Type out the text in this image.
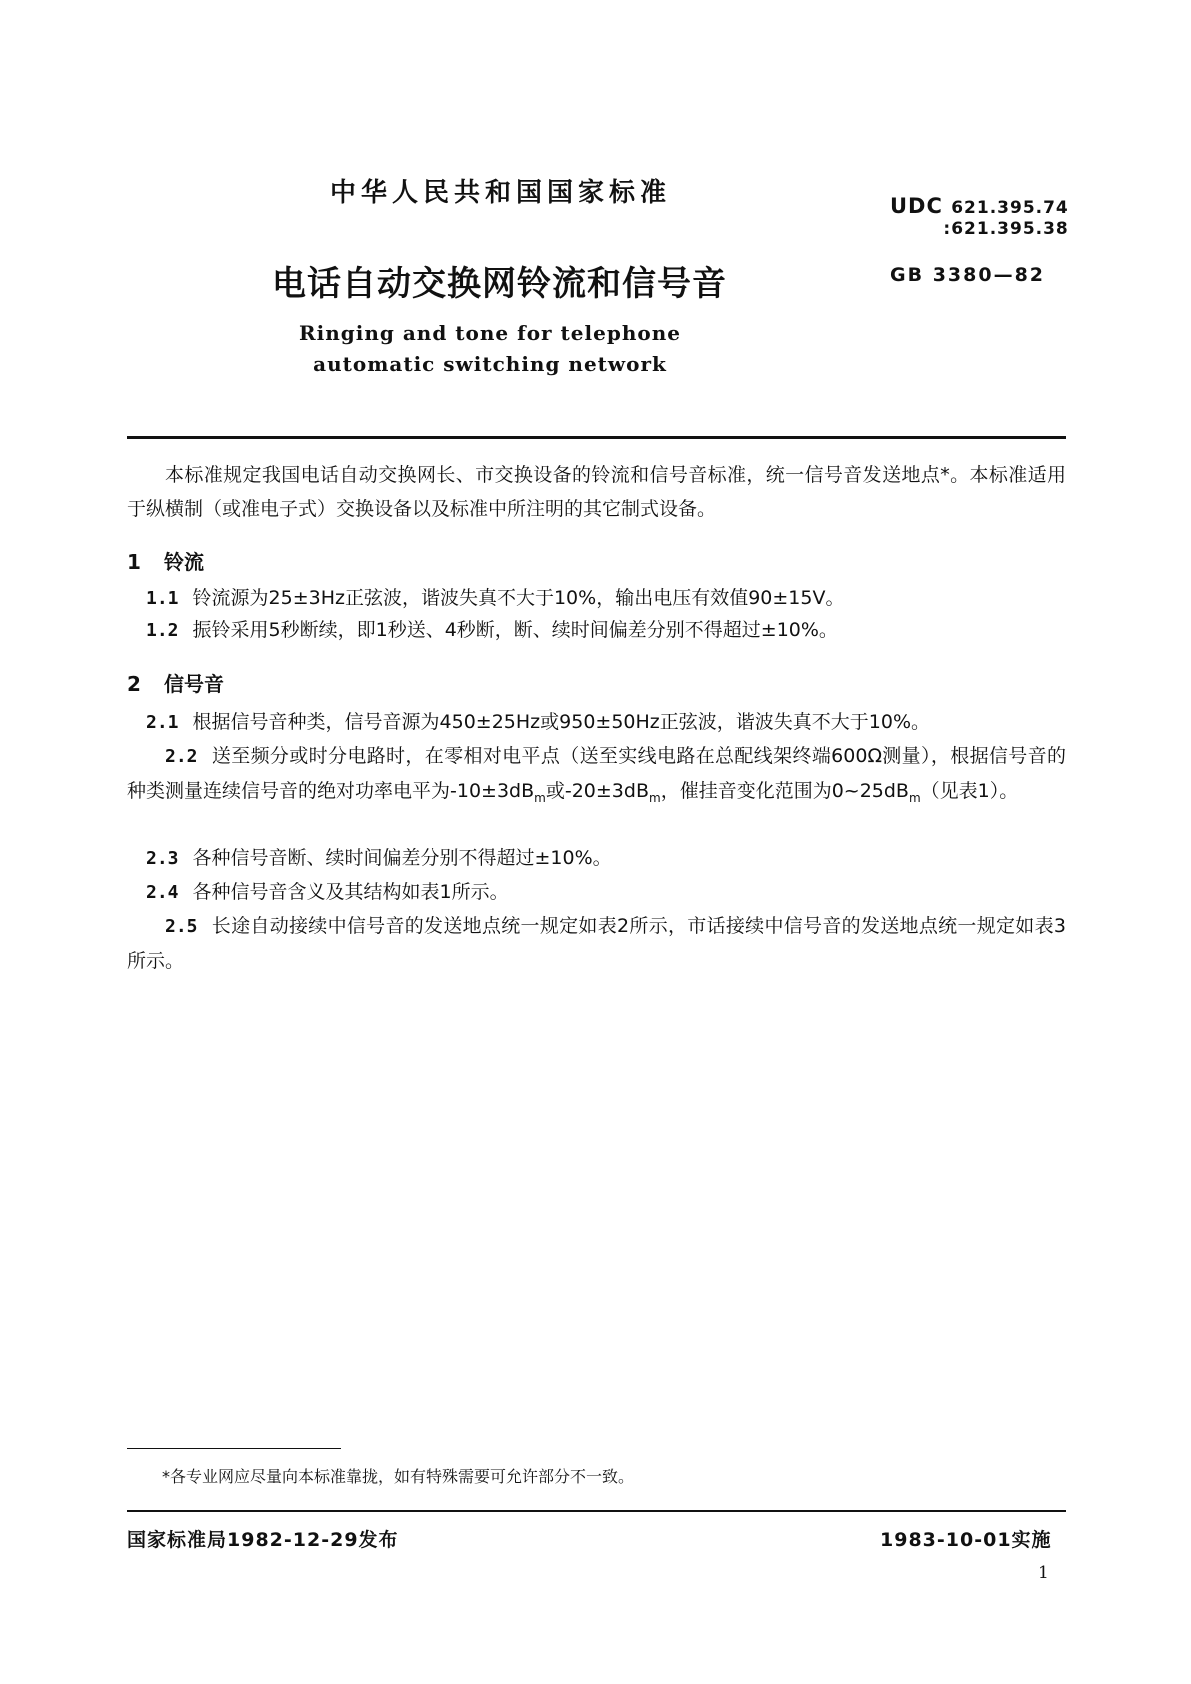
中华人民共和国国家标准	UDC 621.395.74
:621.395.38
电话自动交换网铃流和信号音	GB 3380—82
Ringing and tone for telephone
automatic switching network
本标准规定我国电话自动交换网长、市交换设备的铃流和信号音标准，统一信号音发送地点*。本标准适用于纵横制（或准电子式）交换设备以及标准中所注明的其它制式设备。
1 铃流
1.1 铃流源为25±3Hz正弦波，谐波失真不大于10%，输出电压有效值90±15V。
1.2 振铃采用5秒断续，即1秒送、4秒断，断、续时间偏差分别不得超过±10%。
2 信号音
2.1 根据信号音种类，信号音源为450±25Hz或950±50Hz正弦波，谐波失真不大于10%。
2.2 送至频分或时分电路时，在零相对电平点（送至实线电路在总配线架终端600Ω测量），根据信号音的种类测量连续信号音的绝对功率电平为$-10\pm 3dB_m$或$-20\pm 3dB_m$，催挂音变化范围为$0\sim 25dB_m$（见表1）。
2.3 各种信号音断、续时间偏差分别不得超过±10%。
2.4 各种信号音含义及其结构如表1所示。
2.5 长途自动接续中信号音的发送地点统一规定如表2所示，市话接续中信号音的发送地点统一规定如表3所示。
*各专业网应尽量向本标准靠拢，如有特殊需要可允许部分不一致。
国家标准局1982-12-29发布	1983-10-01实施
1
